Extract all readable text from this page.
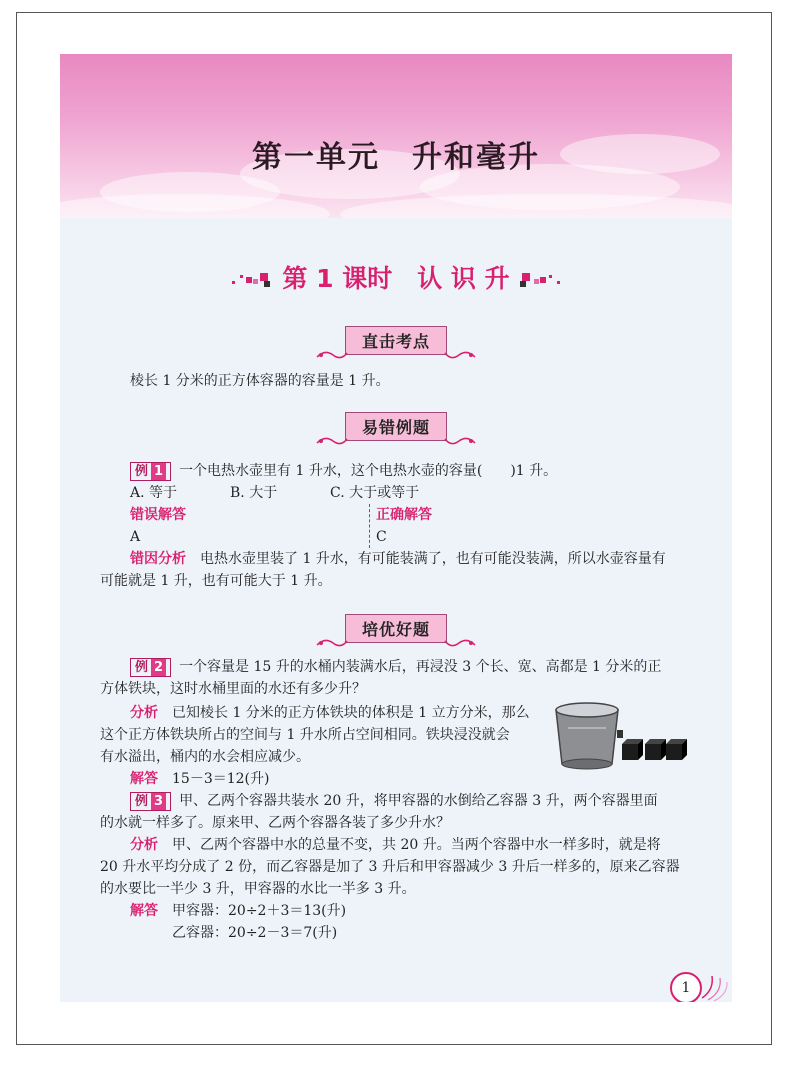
第一单元　 升和毫升
第 1 课时　认 识 升
直击考点
棱长 1 分米的正方体容器的容量是 1 升。
易错例题
例 1 一个电热水壶里有 1 升水，这个电热水壶的容量(　　)1 升。
A. 等于	B. 大于	C. 大于或等于
错误解答
A
正确解答
C
错因分析　 电热水壶里装了 1 升水，有可能装满了，也有可能没装满，所以水壶容量有
可能就是 1 升，也有可能大于 1 升。
培优好题
例 2 一个容量是 15 升的水桶内装满水后，再浸没 3 个长、宽、高都是 1 分米的正
方体铁块，这时水桶里面的水还有多少升？
分析　 已知棱长 1 分米的正方体铁块的体积是 1 立方分米，那么
这个正方体铁块所占的空间与 1 升水所占空间相同。铁块浸没就会
有水溢出，桶内的水会相应减少。
解答　 15－3＝12(升)
例 3 甲、乙两个容器共装水 20 升，将甲容器的水倒给乙容器 3 升，两个容器里面
的水就一样多了。原来甲、乙两个容器各装了多少升水？
分析　 甲、乙两个容器中水的总量不变，共 20 升。当两个容器中水一样多时，就是将
20 升水平均分成了 2 份，而乙容器是加了 3 升后和甲容器减少 3 升后一样多的，原来乙容器
的水要比一半少 3 升，甲容器的水比一半多 3 升。
解答　 甲容器：20÷2＋3＝13(升)
乙容器：20÷2－3＝7(升)
1
